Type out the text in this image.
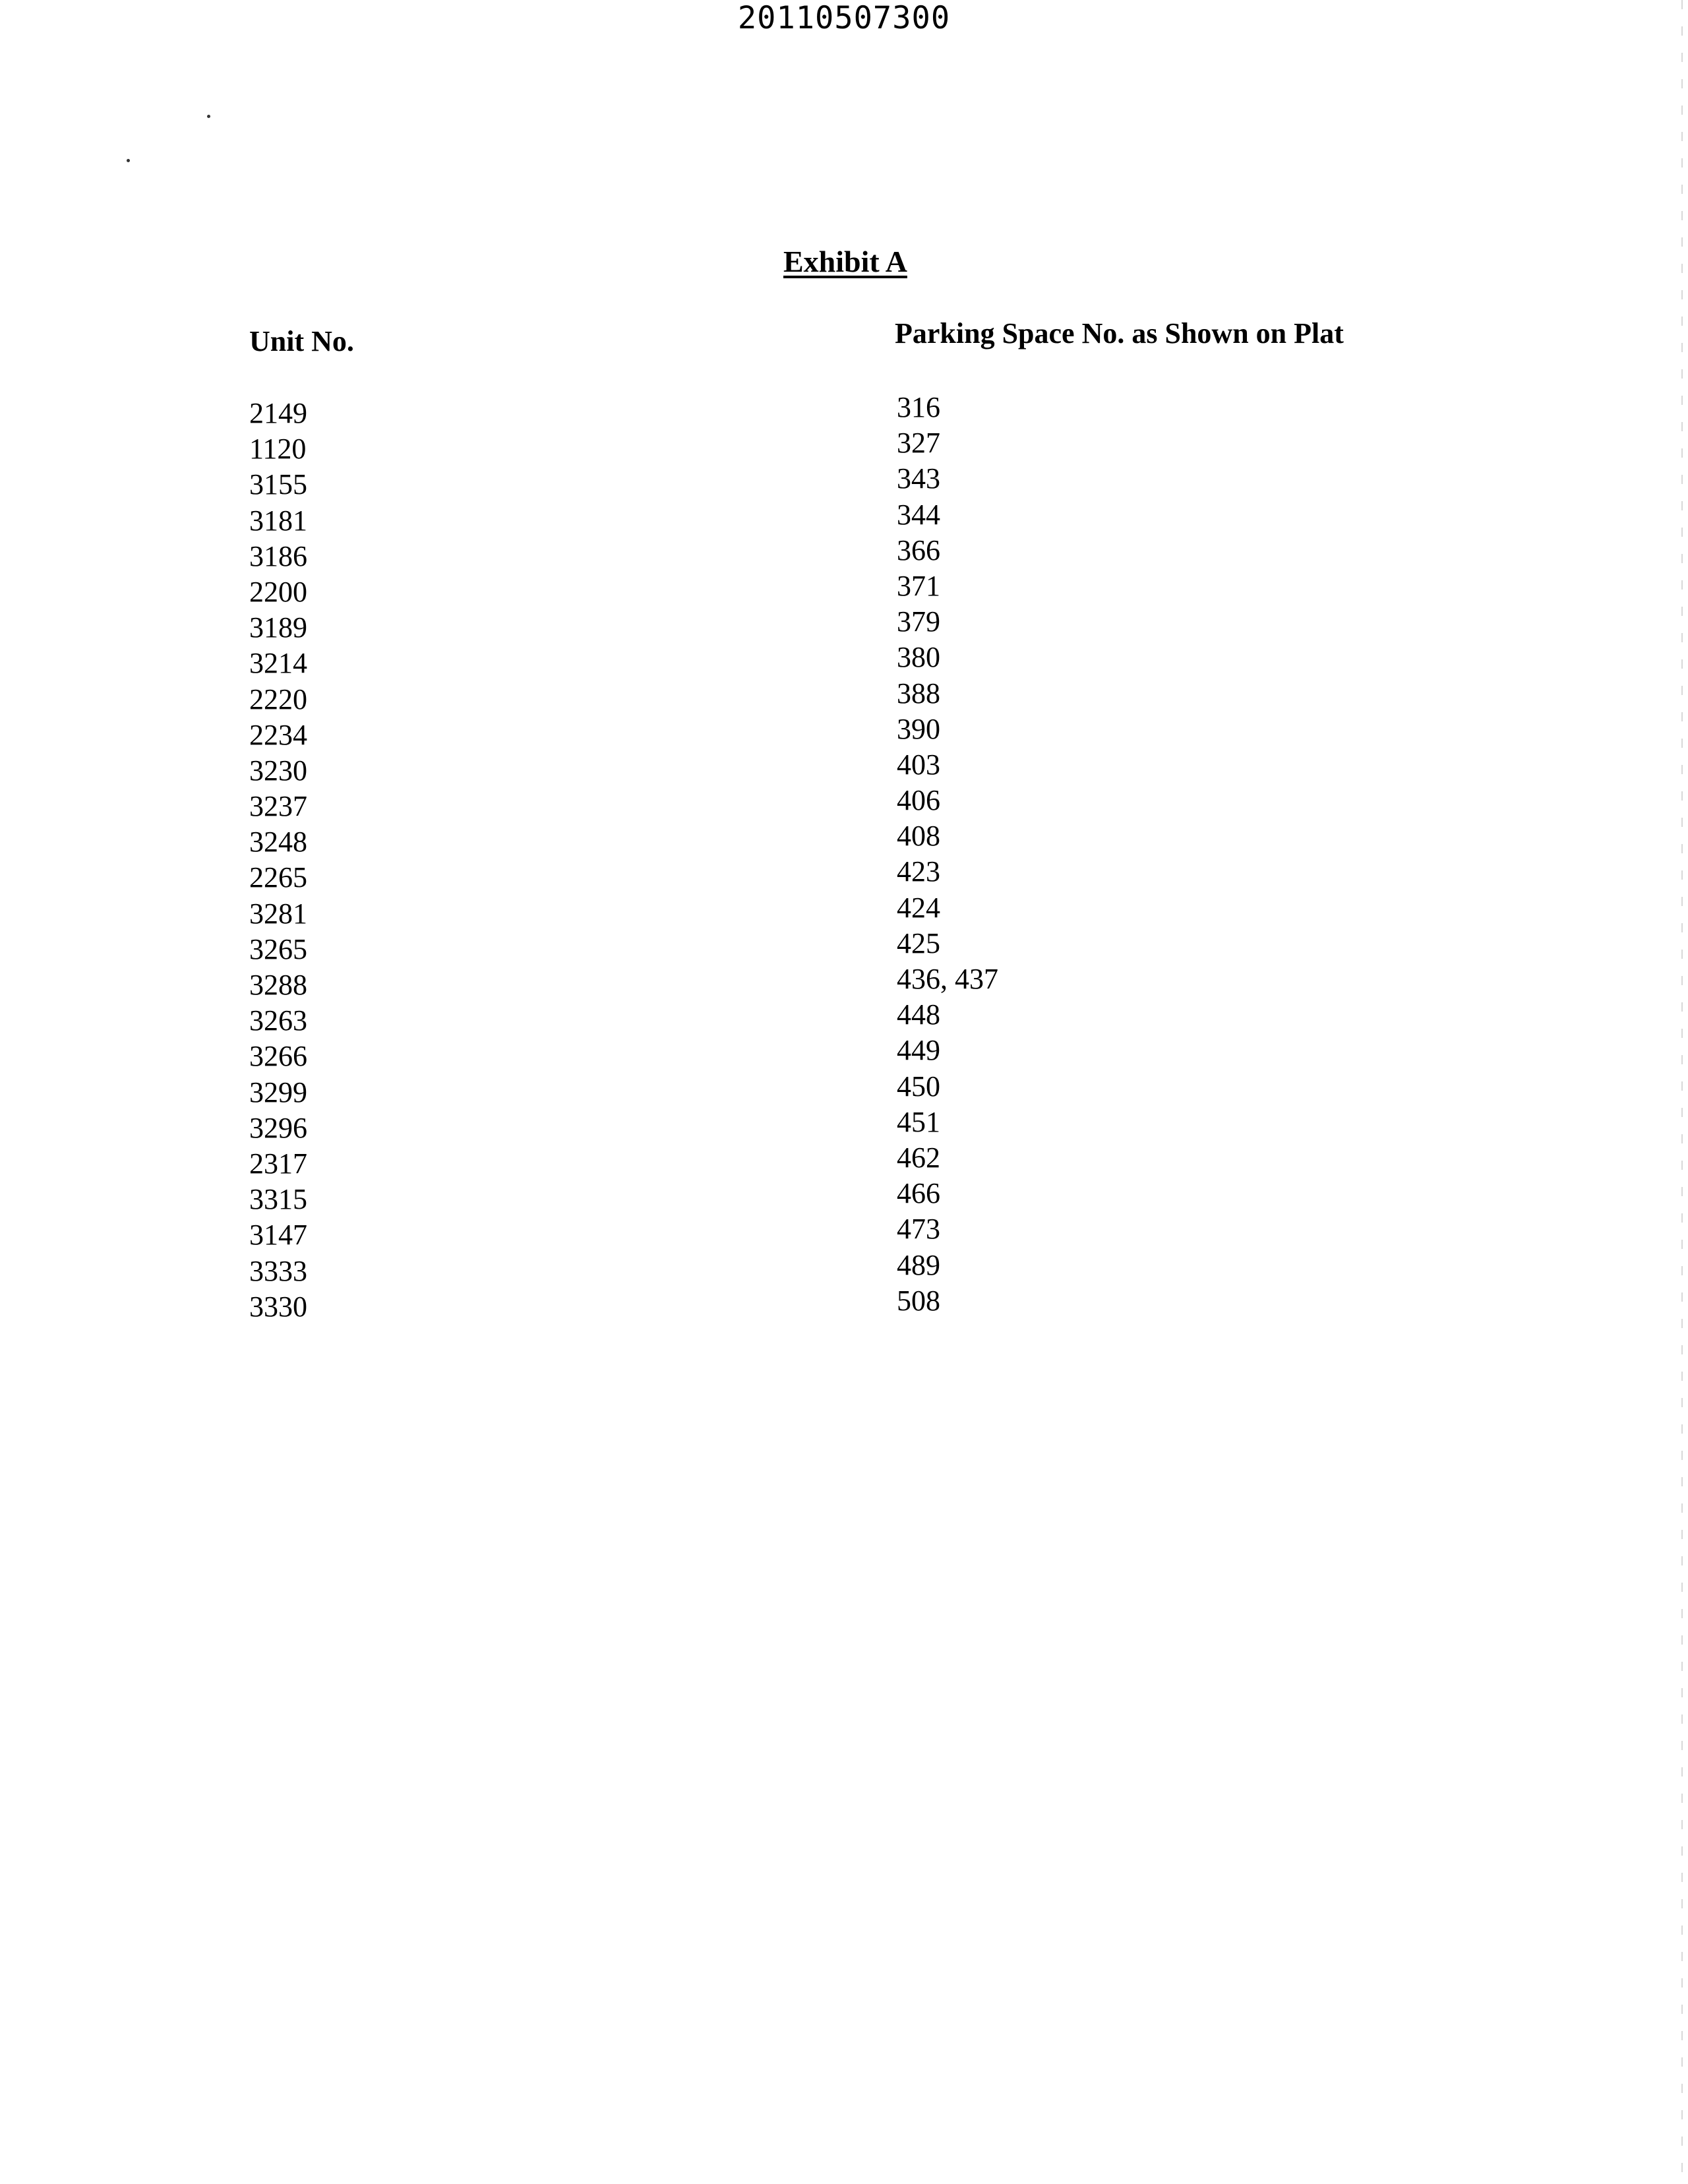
20110507300
Exhibit A
Unit No.	Parking Space No. as Shown on Plat
2149
1120
3155
3181
3186
2200
3189
3214
2220
2234
3230
3237
3248
2265
3281
3265
3288
3263
3266
3299
3296
2317
3315
3147
3333
3330
316
327
343
344
366
371
379
380
388
390
403
406
408
423
424
425
436, 437
448
449
450
451
462
466
473
489
508
